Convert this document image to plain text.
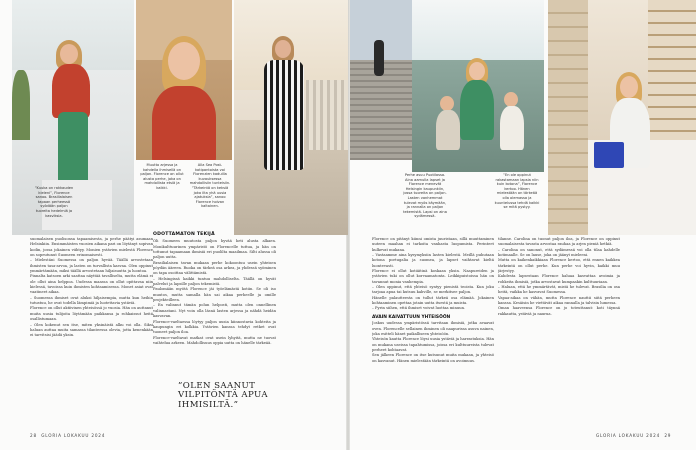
”Kuuka on rakkauden kieleni”, Florence sanoo. Brasilialaisen tapaan perheessä syödään paljon tuoreita hedelmiä ja kasviksia.
Muutto arjessa ja kahdella ihmisellä on paljon. Florence on ollut alusta perhe, joka on mahdollista etsiä ja kaikki.
Alla Sea Post-kotipantoista voi Florenzien kaduilla kuvauksessa mahdollisiin tunteisiin. ”Tärkeintä on keksiä joka ilta yhä uusia ajatuksia”, sanoo Florence hoivan kaltainen.
Perhe asuu Puotilassa. Aina aamulla lapset ja Florence menevät Helsingin kaupunkiin, jossa tuoreita on paljon. Lasten vanhemmat tulevat myös käymään, ja rannalla on paljon tekemistä. Lapsi on aina sydämessä.
”En ole oppinut rakastamaan lapsia niin kuin kotona”, Florence kertoo. Hänen mielestään on tärkeää olla olemassa ja kuuntelussa tehdä kaikki se mitä pystyy.

suomalaisen puolisonsa tapaamisesta, ja perhe päätyi asumaan Helsinkiin. Ensimmäisten vuosien aikana pari on löytänyt sopivan kodin, jossa jokainen viihtyy. Monien ystävien mielestä Florence on sopeutunut Suomeen erinomaisesti.

– Mielestäni Suomessa on paljon hyvää. Täällä arvostetaan ihmisten tasa-arvoa, ja lasten on turvallista kasvaa. Olen oppinut ymmärtämään, miksi täällä arvostetaan hiljaisuutta ja luontoa.

Pinnalta katsoen arki saattaa näyttää tavalliselta, mutta elämä ei ole ollut aina helppoa. Uudessa maassa on ollut opittavaa niin kielessä, tavoissa kuin ihmisten kohtaamisessa. Monet asiat ovat vaatineet aikaa.

– Suomessa ihmiset ovat aluksi hiljaisempia, mutta kun heihin tutustuu, he ovat todella lämpimiä ja luotettavia ystäviä.

Florence on ollut aktiivinen yhteisössä jo vuosia. Hän on auttanut muita uusia tulijoita löytämään paikkansa ja rohkaissut heitä osallistumaan.

– Olen kokenut sen itse, miten yksinäistä alku voi olla. Siksi haluan auttaa muita samassa tilanteessa olevia, jotta kenenkään ei tarvitsisi jäädä yksin.

ODOTTAMATON TEKIJÄ

Oli Suomeen muutosta paljon hyvää heti alusta alkaen. Monikulttuurinen ympäristö on Florencelle tuttua, ja hän on tottunut tapaamaan ihmisiä eri puolilta maailmaa. Silti alussa oli paljon uutta.

Brasilialaisen tavan mukaan perhe kokoontuu usein yhteisen pöydän ääreen. Ruoka on tärkeä osa arkea, ja yhdessä syöminen on tapa osoittaa välittämistä.

– Helsingissä kaikki tuntuu mahdolliselta. Täällä on hyvät palvelut ja lapsille paljon tekemistä.

Paulomään myötä Florence jäi työelämästä kotiin. Se oli iso muutos, mutta samalla hän sai aikaa perheelle ja omille projekteilleen.

– En valinnut tämän polun helposti, mutta olen onnellinen valinnastani. Nyt voin olla läsnä lasten arjessa ja nähdä heidän kasvavan.

Florence-vaeltaessa löytyy paljon uusia kiinnostavia kohteita ja kaupungin eri kolkkia. Ystävien kanssa tehdyt retket ovat tuoneet paljon iloa.

Florence-vaeltavat matkat ovat usein lyhyitä, mutta ne tuovat vaihtelua arkeen. Mahdollisuus oppia uutta on hänelle tärkeää.

”OLEN SAANUT VILPITÖNTÄ APUA IHMISILTÄ.”

Florence on pitänyt kiinni omista juuristaan, sillä muuttaminen uuteen maahan ei tarkoita vanhasta luopumista. Perinteet kulkevat mukana.

– Vastaamme aina kysymyksiin lasten kielestä. Meillä puhutaan kotona portugalia ja suomea, ja lapset vaihtavat kieltä luontevasti.

Florence ei ollut kotiäitinä koskaan yksin. Naapureiden ja ystävien tuki on ollut korvaamatonta. Leikkipuistoissa hän on tavannut monia vanhempia.

– Olen oppinut, että yhteisö syntyy pienistä teoista. Kun joku tarjoaa apua tai kutsuu kahville, se merkitsee paljon.

Hänelle palautteesta on tullut tärkeä osa elämää. Jokainen kohtaaminen opettaa jotain uutta itsestä ja muista.

– Pyrin siihen, että ihmiset voivat luottaa minuun.

AVAIN KAIVATTUUN YHTEISÖÖN

Joskus uudessa ympäristössä tarvitaan ihmisiä, jotka avaavat oven. Florencelle sellainen ihminen oli naapurissa asuva nainen, joka esitteli hänet paikalliseen yhteisöön.

Yhteisön kautta Florence löysi uusia ystäviä ja harrastuksia. Hän on mukana useissa tapahtumissa, joissa eri kulttuureista tulevat perheet kohtaavat.

Sen jälkeen Florence on itse kutsunut muita mukaan, ja yhteisö on kasvanut. Hänen mielestään tärkeintä on avoimuus.

tilanne. Carolina on tuonut paljon iloa, ja Florence on oppinut suomalaisesta tavasta arvostaa rauhaa ja arjen pieniä hetkiä.

– Carolina on sanonut, että sydämessä voi olla tilaa kahdelle kotimaalle. Se on lause, joka on jäänyt mieleeni.

Mutta on kaikenkaikkiaan Florence kertoo, että ennen kaikkea tärkeintä on ollut perhe. Kun perhe voi hyvin, kaikki muu järjestyy.

Kahdesta lapsestaan Florence haluaa kasvattaa avoimia ja rohkeita ihmisiä, jotka arvostavat kumpaakin kulttuuriaan.

– Haluan, että he ymmärtävät, mistä he tulevat. Brasilia on osa heitä, vaikka he kasvavat Suomessa.

Vapaa-aikaa on vähän, mutta Florence nauttii siitä perheen kanssa. Kesäisin he viettävät aikaa rannalla ja talvisin lumessa.

Oman haaveensa Florence on jo toteuttanut: koti täynnä rakkautta, ystäviä ja naurua.

28 GLORIA LOKAKUU 2024	GLORIA LOKAKUU 2024 29
